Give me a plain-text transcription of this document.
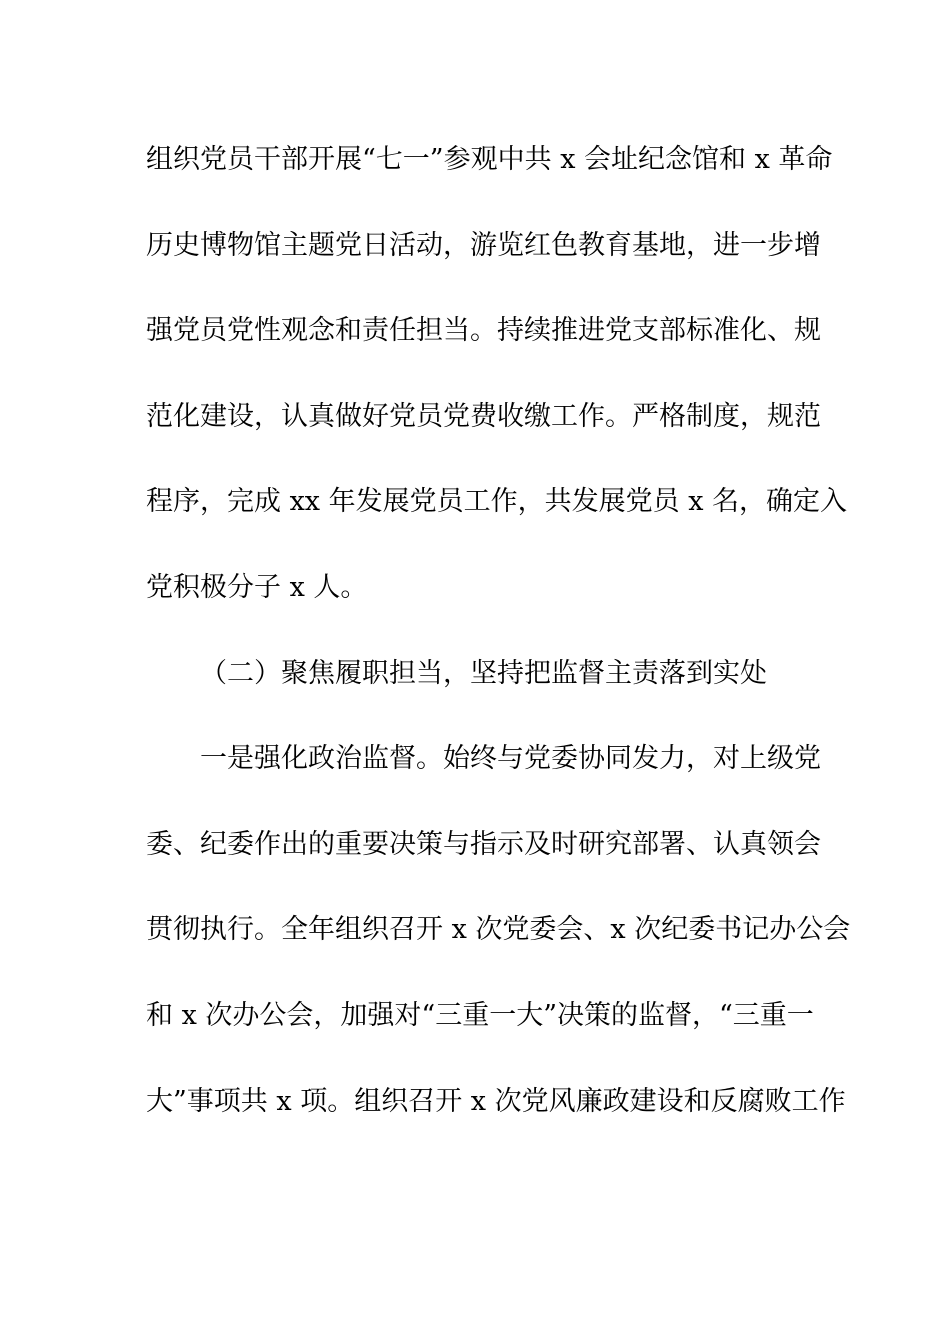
组织党员干部开展“七一”参观中共 x 会址纪念馆和 x 革命
历史博物馆主题党日活动，游览红色教育基地，进一步增
强党员党性观念和责任担当。持续推进党支部标准化、规
范化建设，认真做好党员党费收缴工作。严格制度，规范
程序，完成 xx 年发展党员工作，共发展党员 x 名，确定入
党积极分子 x 人。
（二）聚焦履职担当，坚持把监督主责落到实处
一是强化政治监督。始终与党委协同发力，对上级党
委、纪委作出的重要决策与指示及时研究部署、认真领会
贯彻执行。全年组织召开 x 次党委会、x 次纪委书记办公会
和 x 次办公会，加强对“三重一大”决策的监督，“三重一
大”事项共 x 项。组织召开 x 次党风廉政建设和反腐败工作
